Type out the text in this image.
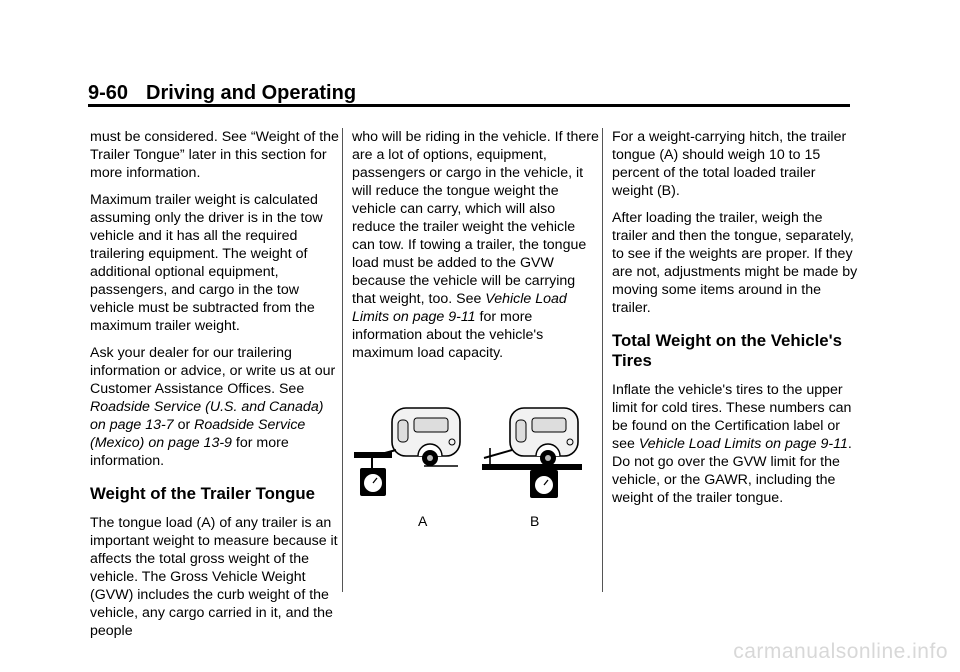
9-60 Driving and Operating

must be considered. See “Weight of the Trailer Tongue” later in this section for more information.

Maximum trailer weight is calculated assuming only the driver is in the tow vehicle and it has all the required trailering equipment. The weight of additional optional equipment, passengers, and cargo in the tow vehicle must be subtracted from the maximum trailer weight.

Ask your dealer for our trailering information or advice, or write us at our Customer Assistance Offices. See Roadside Service (U.S. and Canada) on page 13-7 or Roadside Service (Mexico) on page 13-9 for more information.

Weight of the Trailer Tongue

The tongue load (A) of any trailer is an important weight to measure because it affects the total gross weight of the vehicle. The Gross Vehicle Weight (GVW) includes the curb weight of the vehicle, any cargo carried in it, and the people

who will be riding in the vehicle. If there are a lot of options, equipment, passengers or cargo in the vehicle, it will reduce the tongue weight the vehicle can carry, which will also reduce the trailer weight the vehicle can tow. If towing a trailer, the tongue load must be added to the GVW because the vehicle will be carrying that weight, too. See Vehicle Load Limits on page 9-11 for more information about the vehicle's maximum load capacity.

A	B

For a weight-carrying hitch, the trailer tongue (A) should weigh 10 to 15 percent of the total loaded trailer weight (B).

After loading the trailer, weigh the trailer and then the tongue, separately, to see if the weights are proper. If they are not, adjustments might be made by moving some items around in the trailer.

Total Weight on the Vehicle's Tires

Inflate the vehicle's tires to the upper limit for cold tires. These numbers can be found on the Certification label or see Vehicle Load Limits on page 9-11. Do not go over the GVW limit for the vehicle, or the GAWR, including the weight of the trailer tongue.

carmanualsonline.info
